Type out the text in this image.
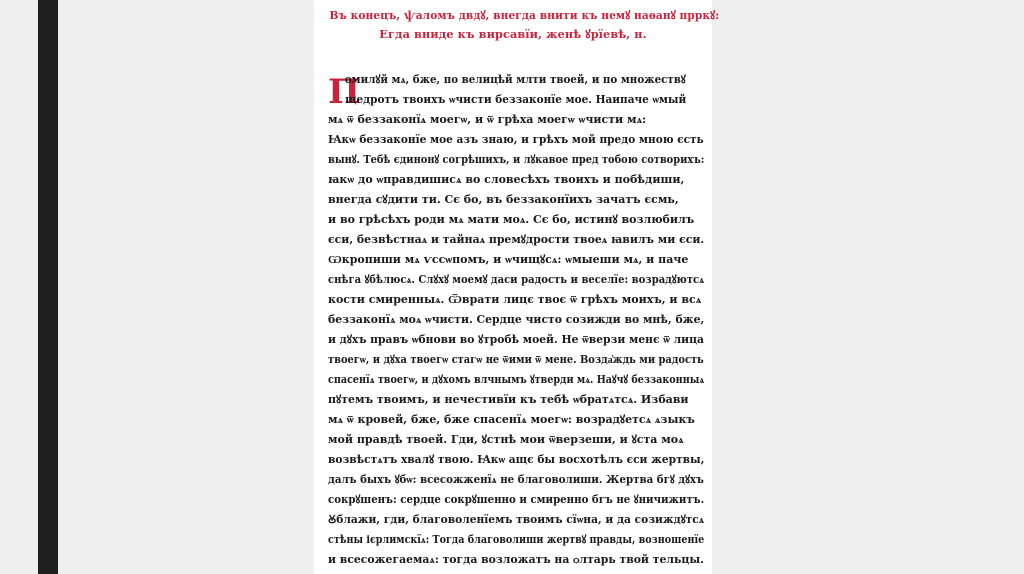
Въ конецъ, ѱаломъ двдꙋ, внегда внити къ немꙋ наѳанꙋ прркꙋ:
Егда вниде къ вирсавїи, женѣ ꙋрїевѣ, н.
П
омилꙋй мѧ, бже, по велицѣй млти твоей, и по множествꙋ
щедротъ твоихъ ѡчисти беззаконїе мое. Наипаче ѡмый
мѧ ѿ беззаконїѧ моегѡ, и ѿ грѣха моегѡ ѡчисти мѧ:
Ꙗкѡ беззаконїе мое азъ знаю, и грѣхъ мой предо мною єсть
вынꙋ. Тебѣ єдинонꙋ согрѣшихъ, и лꙋкавое пред тобою сотворихъ:
ꙗкѡ до ѡправдишисѧ во словесѣхъ твоихъ и побѣдиши,
внегда сꙋдити ти. Сє бо, въ беззаконїихъ зачатъ єсмь,
и во грѣсѣхъ роди мѧ мати моѧ. Сє бо, истинꙋ возлюбилъ
єси, безвѣстнаѧ и тайнаѧ премꙋдрости твоеѧ ꙗвилъ ми єси.
Ѡкропиши мѧ ѵссѡпомъ, и ѡчищꙋсѧ: ѡмыеши мѧ, и паче
снѣга ꙋбѣлюсѧ. Слꙋхꙋ моемꙋ даси радость и веселїе: возрадꙋютсѧ
кости смиренныѧ. Ѿврати лицє твоє ѿ грѣхъ моихъ, и всѧ
беззаконїѧ моѧ ѡчисти. Сердце чисто созижди во мнѣ, бже,
и дꙋхъ правъ ѡбнови во ꙋтробѣ моей. Не ѿверзи менє ѿ лица
твоегѡ, и дꙋха твоегѡ стагѡ не ѿими ѿ мене. Возда҆ждь ми радость
спасенїѧ твоегѡ, и дꙋхомъ влчнымъ ꙋтверди мѧ. Наꙋчꙋ беззаконныѧ
пꙋтемъ твоимъ, и нечестивїи къ тебѣ ѡбратѧтсѧ. Избави
мѧ ѿ кровей, бже, бже спасенїѧ моегѡ: возрадꙋетсѧ ѧзыкъ
мой правдѣ твоей. Гди, ꙋстнѣ мои ѿверзеши, и ꙋста моѧ
возвѣстѧтъ хвалꙋ твою. Ꙗкѡ ащє бы восхотѣлъ єси жертвы,
далъ быхъ ꙋбѡ: всесожженїѧ не благоволиши. Жертва бгꙋ дꙋхъ
сокрꙋшенъ: сердце сокрꙋшенно и смиренно бгъ не ꙋничижитъ.
Ꙋблажи, гди, благоволенїемъ твоимъ сїѡна, и да созиждꙋтсѧ
стѣны ієрлимскїѧ: Тогда благоволиши жертвꙋ правды, возношенїе
и всесожегаемаѧ: тогда возложатъ на ѻлтарь твой тельцы.
